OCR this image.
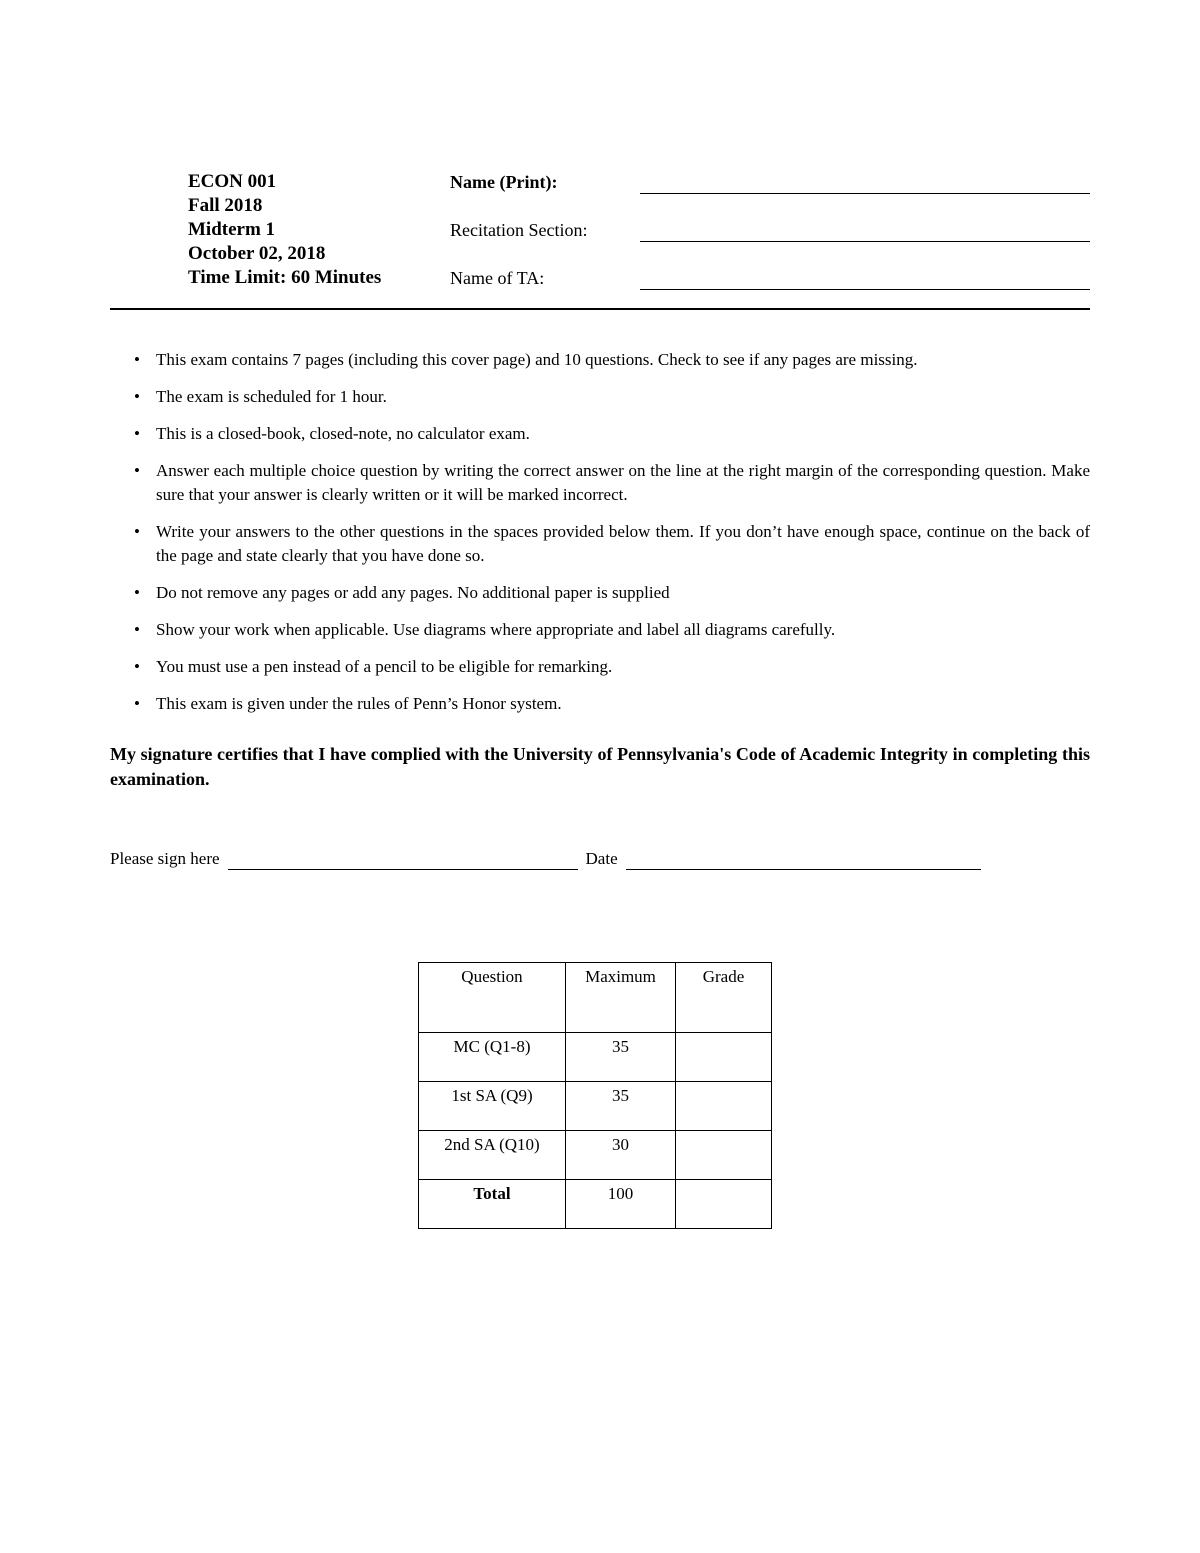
ECON 001
Fall 2018
Midterm 1
October 02, 2018
Time Limit: 60 Minutes
Name (Print):
Recitation Section:
Name of TA:
• This exam contains 7 pages (including this cover page) and 10 questions. Check to see if any pages are missing.
• The exam is scheduled for 1 hour.
• This is a closed-book, closed-note, no calculator exam.
• Answer each multiple choice question by writing the correct answer on the line at the right margin of the corresponding question. Make sure that your answer is clearly written or it will be marked incorrect.
• Write your answers to the other questions in the spaces provided below them. If you don’t have enough space, continue on the back of the page and state clearly that you have done so.
• Do not remove any pages or add any pages. No additional paper is supplied
• Show your work when applicable. Use diagrams where appropriate and label all diagrams carefully.
• You must use a pen instead of a pencil to be eligible for remarking.
• This exam is given under the rules of Penn’s Honor system.

My signature certifies that I have complied with the University of Pennsylvania's Code of Academic Integrity in completing this examination.

Please sign here	Date
Question	Maximum	Grade
MC (Q1-8)	35	
1st SA (Q9)	35	
2nd SA (Q10)	30	
Total	100	
